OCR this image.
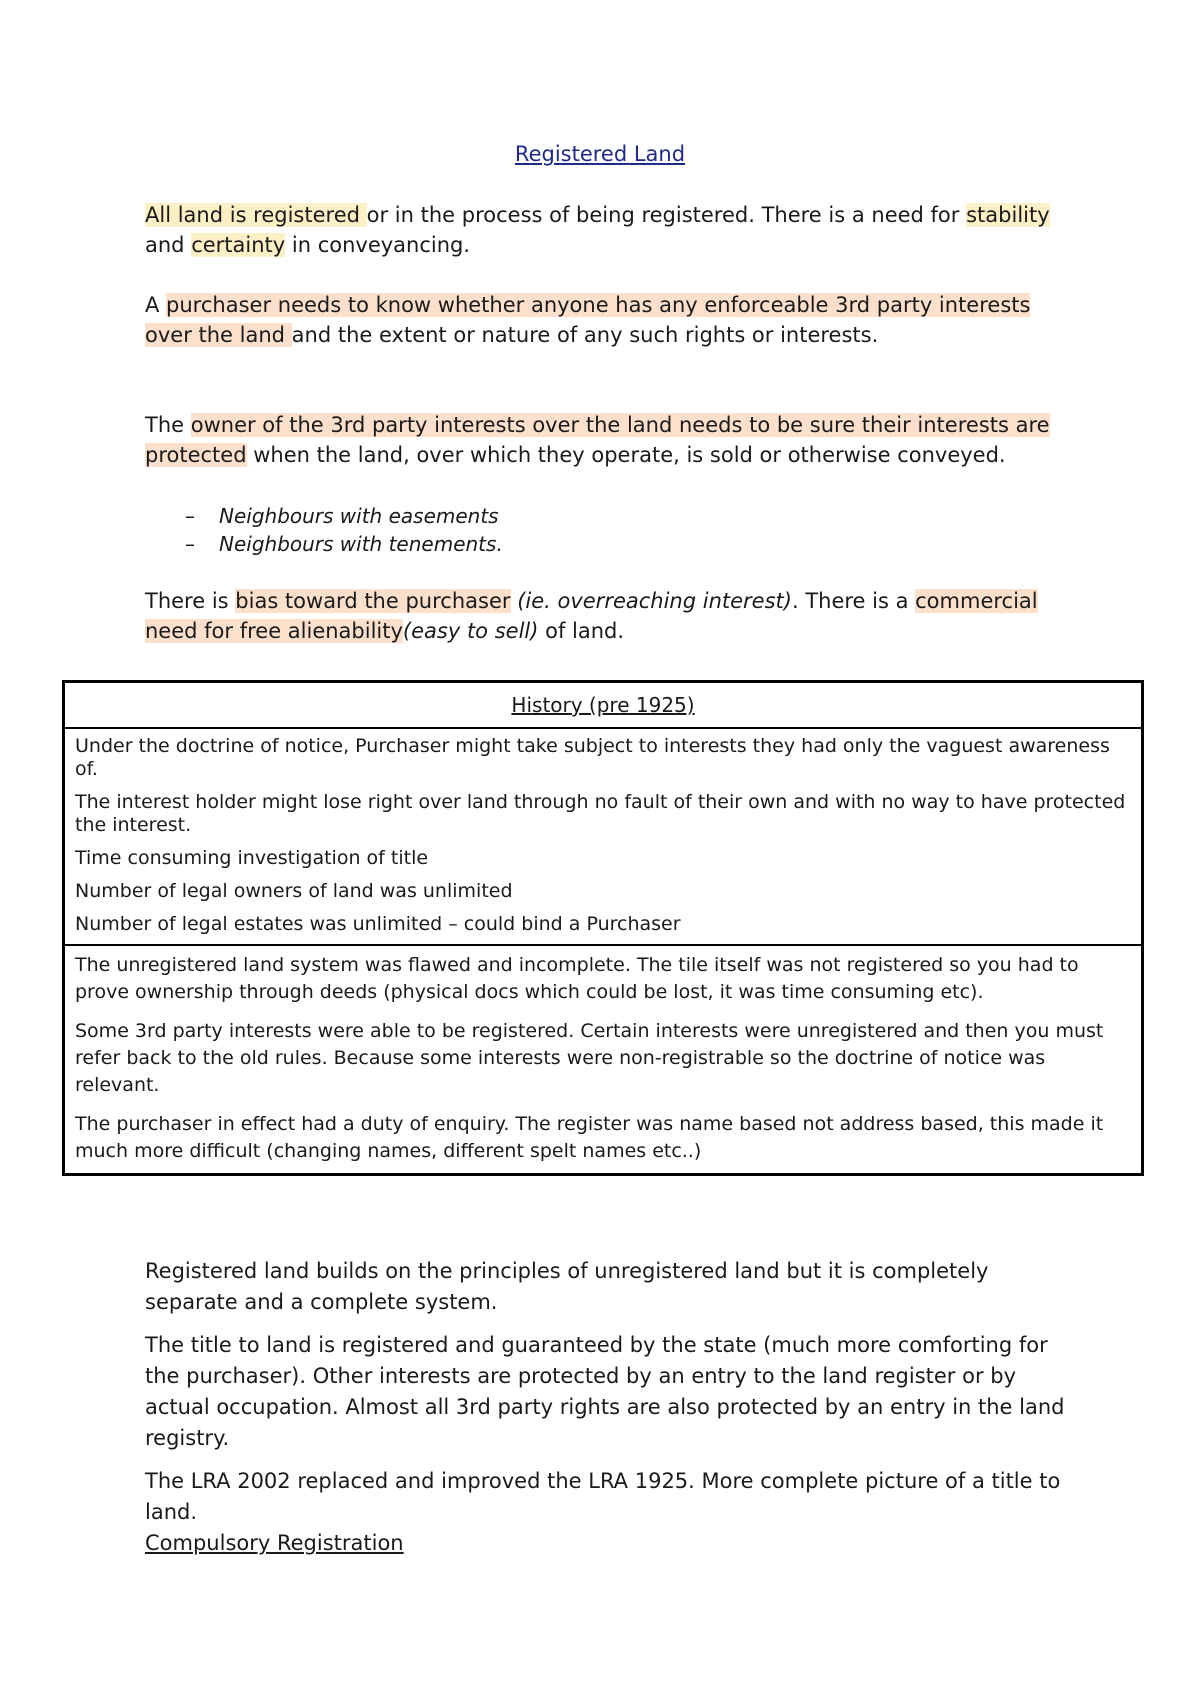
Registered Land
All land is registered or in the process of being registered. There is a need for stability and certainty in conveyancing.
A purchaser needs to know whether anyone has any enforceable 3rd party interests over the land and the extent or nature of any such rights or interests.
The owner of the 3rd party interests over the land needs to be sure their interests are protected when the land, over which they operate, is sold or otherwise conveyed.
–	Neighbours with easements
–	Neighbours with tenements.
There is bias toward the purchaser (ie. overreaching interest). There is a commercial need for free alienability(easy to sell) of land.
History (pre 1925)

Under the doctrine of notice, Purchaser might take subject to interests they had only the vaguest awareness of.

The interest holder might lose right over land through no fault of their own and with no way to have protected the interest.

Time consuming investigation of title

Number of legal owners of land was unlimited

Number of legal estates was unlimited – could bind a Purchaser

The unregistered land system was flawed and incomplete. The tile itself was not registered so you had to prove ownership through deeds (physical docs which could be lost, it was time consuming etc).

Some 3rd party interests were able to be registered. Certain interests were unregistered and then you must refer back to the old rules. Because some interests were non-registrable so the doctrine of notice was relevant.

The purchaser in effect had a duty of enquiry. The register was name based not address based, this made it much more difficult (changing names, different spelt names etc..)

Registered land builds on the principles of unregistered land but it is completely separate and a complete system.

The title to land is registered and guaranteed by the state (much more comforting for the purchaser). Other interests are protected by an entry to the land register or by actual occupation. Almost all 3rd party rights are also protected by an entry in the land registry.

The LRA 2002 replaced and improved the LRA 1925. More complete picture of a title to land.

Compulsory Registration
